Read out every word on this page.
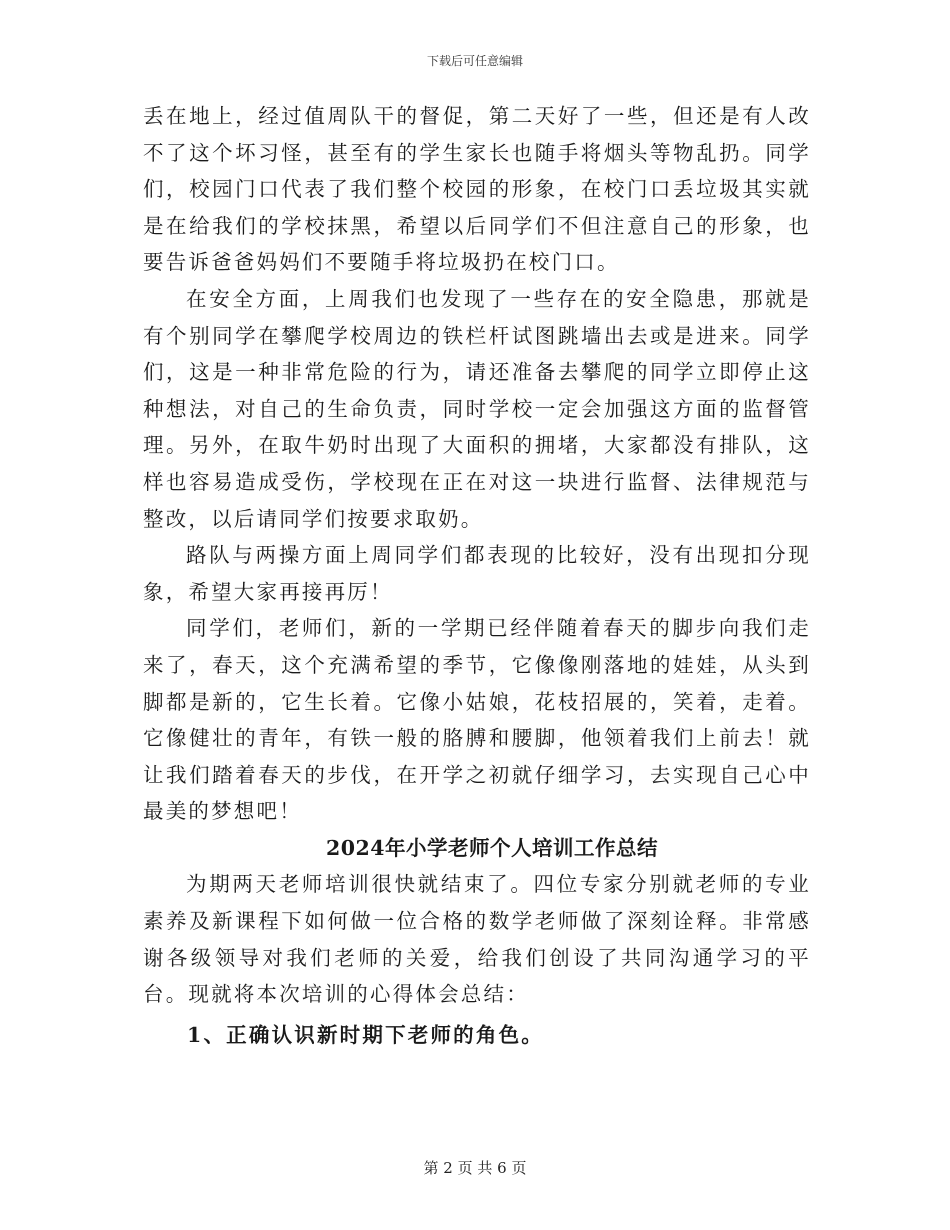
下载后可任意编辑

丢在地上，经过值周队干的督促，第二天好了一些，但还是有人改不了这个坏习怪，甚至有的学生家长也随手将烟头等物乱扔。同学们，校园门口代表了我们整个校园的形象，在校门口丢垃圾其实就是在给我们的学校抹黑，希望以后同学们不但注意自己的形象，也要告诉爸爸妈妈们不要随手将垃圾扔在校门口。

在安全方面，上周我们也发现了一些存在的安全隐患，那就是有个别同学在攀爬学校周边的铁栏杆试图跳墙出去或是进来。同学们，这是一种非常危险的行为，请还准备去攀爬的同学立即停止这种想法，对自己的生命负责，同时学校一定会加强这方面的监督管理。另外，在取牛奶时出现了大面积的拥堵，大家都没有排队，这样也容易造成受伤，学校现在正在对这一块进行监督、法律规范与整改，以后请同学们按要求取奶。

路队与两操方面上周同学们都表现的比较好，没有出现扣分现象，希望大家再接再厉！

同学们，老师们，新的一学期已经伴随着春天的脚步向我们走来了，春天，这个充满希望的季节，它像像刚落地的娃娃，从头到脚都是新的，它生长着。它像小姑娘，花枝招展的，笑着，走着。它像健壮的青年，有铁一般的胳膊和腰脚，他领着我们上前去！就让我们踏着春天的步伐，在开学之初就仔细学习，去实现自己心中最美的梦想吧！

2024年小学老师个人培训工作总结

为期两天老师培训很快就结束了。四位专家分别就老师的专业素养及新课程下如何做一位合格的数学老师做了深刻诠释。非常感谢各级领导对我们老师的关爱，给我们创设了共同沟通学习的平台。现就将本次培训的心得体会总结：

1、正确认识新时期下老师的角色。
第 2 页 共 6 页
